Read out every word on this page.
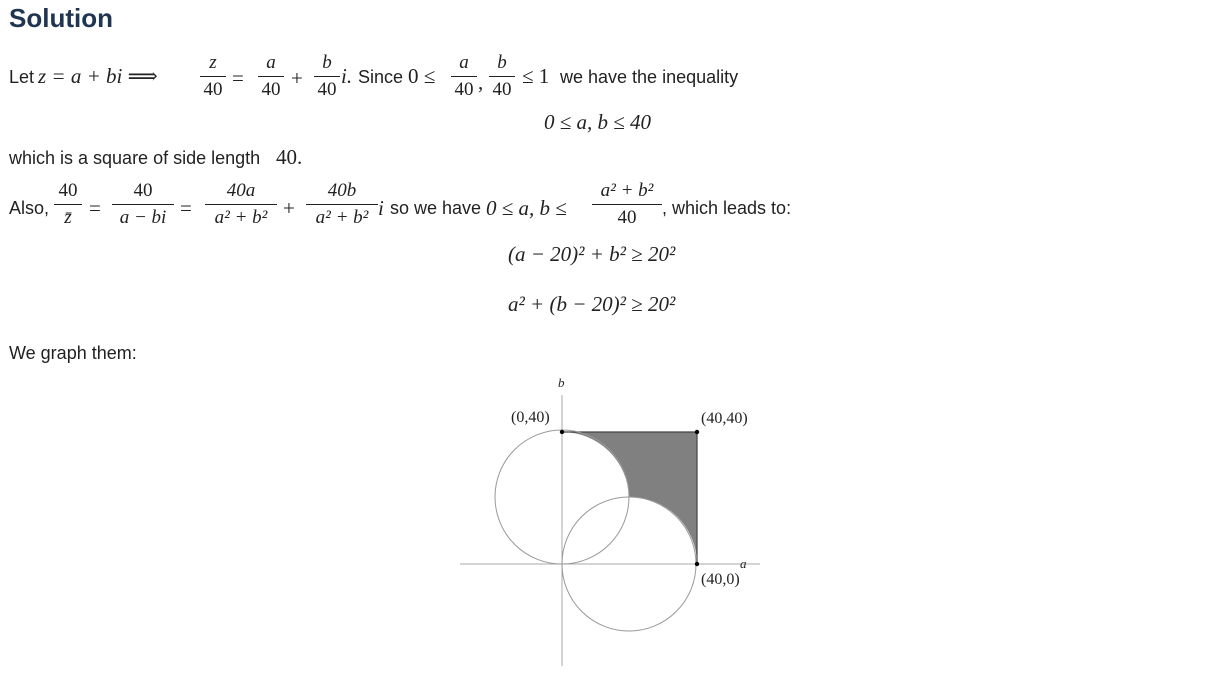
Solution
Let z = a + bi ⟹
z
40 =
a
40 +
b
40
i. Since 0 ≤
a
40 ,
b
40
≤ 1 we have the inequality
0 ≤ a, b ≤ 40
which is a square of side length 40.
Also,
40
z̄ =
40
a − bi =
40a
a² + b² +
40b
a² + b² i so we have 0 ≤ a, b ≤
a² + b²
40	, which leads to:
(a − 20)² + b² ≥ 20²
a² + (b − 20)² ≥ 20²
We graph them:
b
a
(0,40)	(40,40)
(40,0)
